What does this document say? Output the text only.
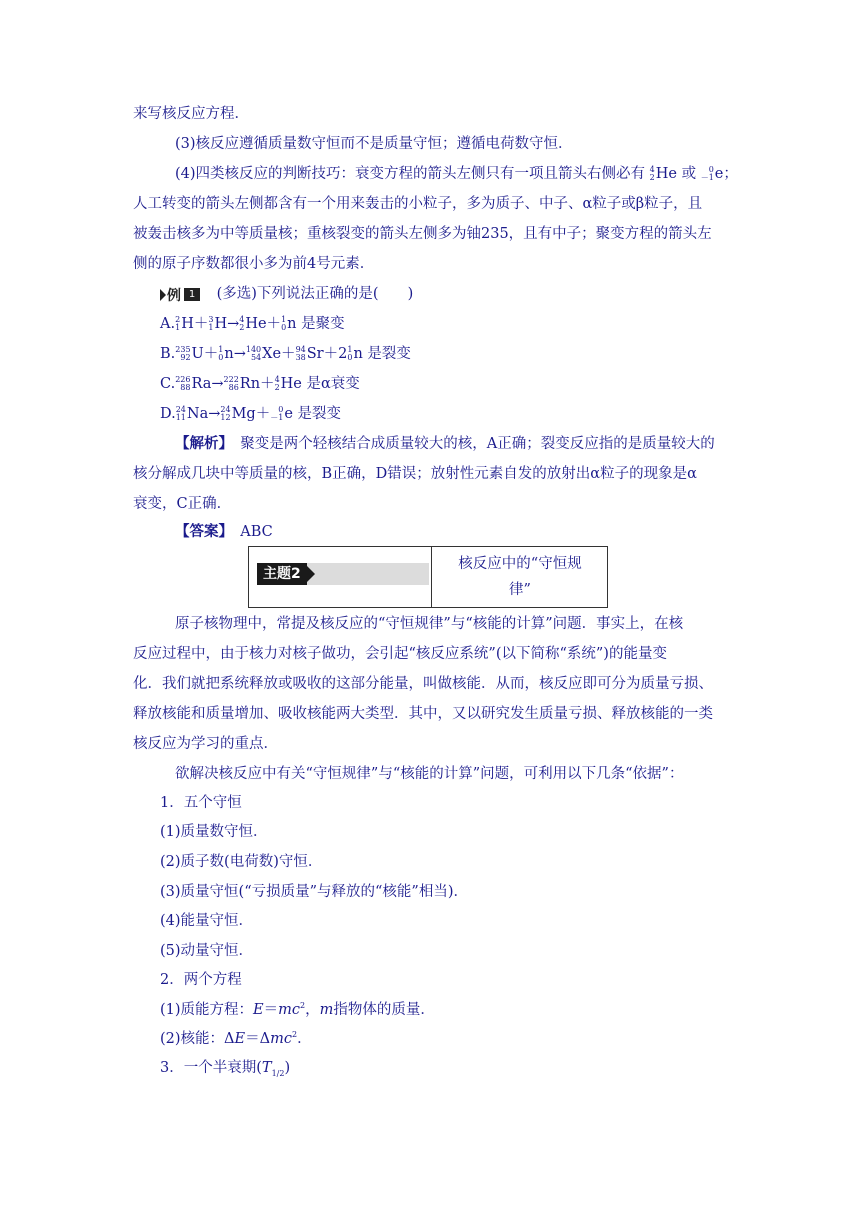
来写核反应方程．
(3)核反应遵循质量数守恒而不是质量守恒；遵循电荷数守恒．
(4)四类核反应的判断技巧：衰变方程的箭头左侧只有一项且箭头右侧必有 4
2 He 或	0
－1 e；
人工转变的箭头左侧都含有一个用来轰击的小粒子，多为质子、中子、α粒子或β粒子，且
被轰击核多为中等质量核；重核裂变的箭头左侧多为铀235，且有中子；聚变方程的箭头左
侧的原子序数都很小多为前4号元素．
例 1	(多选)下列说法正确的是(　　)
A. 2
1 H＋ 3
1 H→ 4
2 He＋ 1
0 n 是聚变
B. 235
92 U＋ 1
0 n→ 140
54 Xe＋ 94
38 Sr＋2 1
0 n 是裂变
C. 226
88 Ra→ 222
86 Rn＋ 4
2 He 是α衰变
D. 24
11 Na→ 24
12 Mg＋	0
－1 e 是裂变
【解析】　 聚变是两个轻核结合成质量较大的核，A正确；裂变反应指的是质量较大的
核分解成几块中等质量的核，B正确，D错误；放射性元素自发的放射出α粒子的现象是α
衰变，C正确．
【答案】　 ABC
主题2
核反应中的“守恒规
律”
原子核物理中，常提及核反应的“守恒规律”与“核能的计算”问题．事实上，在核
反应过程中，由于核力对核子做功，会引起“核反应系统”(以下简称“系统”)的能量变
化．我们就把系统释放或吸收的这部分能量，叫做核能．从而，核反应即可分为质量亏损、
释放核能和质量增加、吸收核能两大类型．其中，又以研究发生质量亏损、释放核能的一类
核反应为学习的重点．
欲解决核反应中有关“守恒规律”与“核能的计算”问题，可利用以下几条“依据”：
1．五个守恒
(1)质量数守恒．
(2)质子数(电荷数)守恒．
(3)质量守恒(“亏损质量”与释放的“核能”相当)．
(4)能量守恒．
(5)动量守恒．
2．两个方程
(1)质能方程：$E=mc^2$，m指物体的质量．
(2)核能：ΔE＝Δmc$^2$．
3．一个半衰期$(T_{1/2})$
